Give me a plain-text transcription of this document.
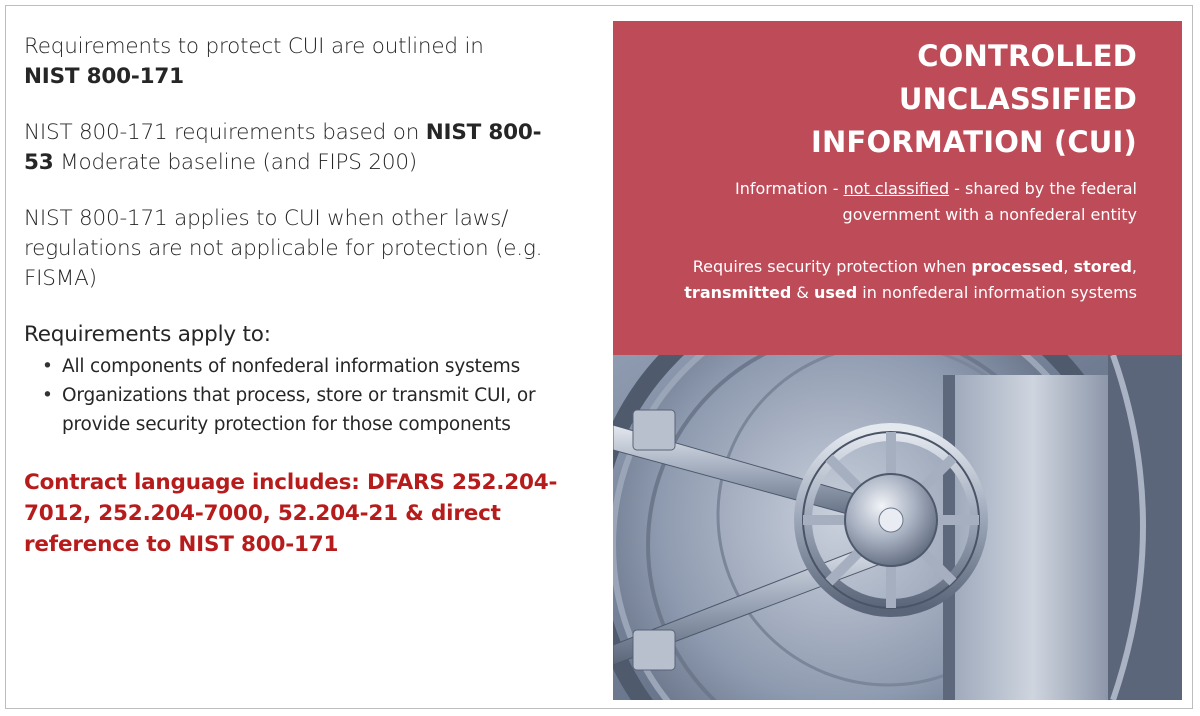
Requirements to protect CUI are outlined in
NIST 800-171

NIST 800-171 requirements based on NIST 800-53 Moderate baseline (and FIPS 200)

NIST 800-171 applies to CUI when other laws/ regulations are not applicable for protection (e.g. FISMA)

Requirements apply to:

• All components of nonfederal information systems
• Organizations that process, store or transmit CUI, or provide security protection for those components

Contract language includes: DFARS 252.204-7012, 252.204-7000, 52.204-21 & direct reference to NIST 800-171

CONTROLLED
UNCLASSIFIED
INFORMATION (CUI)

Information - not classified - shared by the federal government with a nonfederal entity

Requires security protection when processed, stored, transmitted & used in nonfederal information systems
